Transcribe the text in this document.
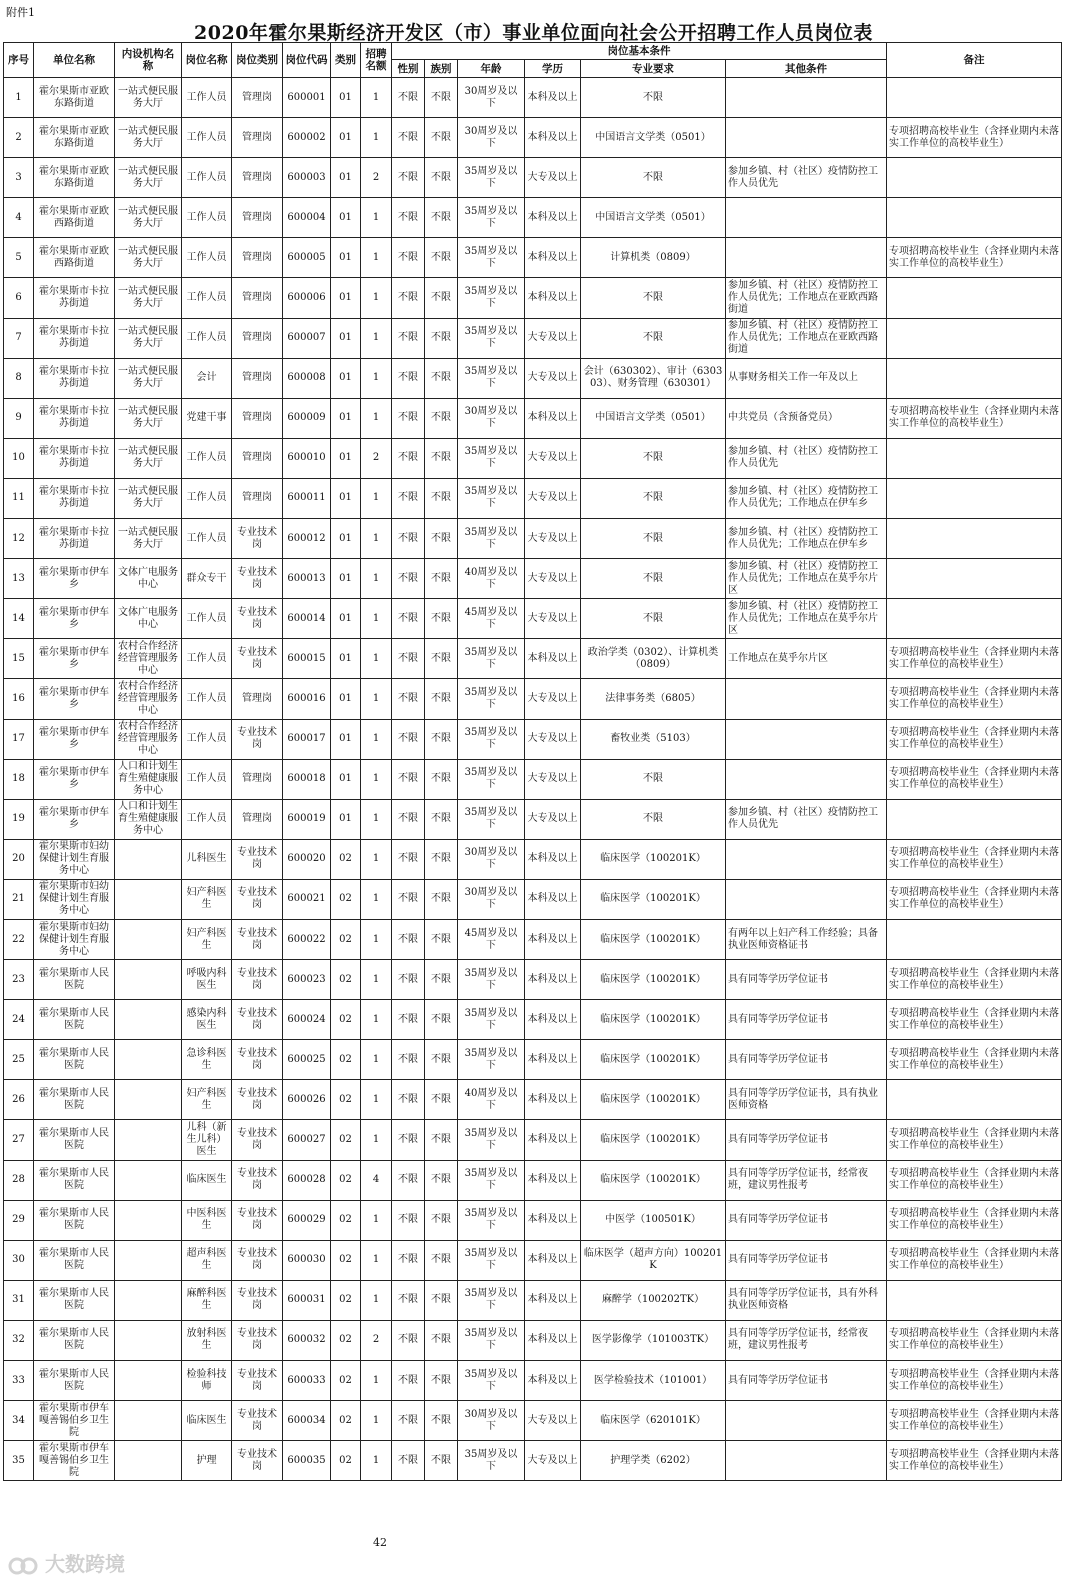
附件1
2020年霍尔果斯经济开发区（市）事业单位面向社会公开招聘工作人员岗位表
序号	单位名称	内设机构名称	岗位名称	岗位类别	岗位代码	类别	招聘名额	岗位基本条件						备注
								性别	族别	年龄	学历	专业要求	其他条件	
1	霍尔果斯市亚欧东路街道	一站式便民服务大厅	工作人员	管理岗	600001	01	1	不限	不限	30周岁及以下	本科及以上	不限		
2	霍尔果斯市亚欧东路街道	一站式便民服务大厅	工作人员	管理岗	600002	01	1	不限	不限	30周岁及以下	本科及以上	中国语言文学类（0501）		专项招聘高校毕业生（含择业期内未落实工作单位的高校毕业生）
3	霍尔果斯市亚欧东路街道	一站式便民服务大厅	工作人员	管理岗	600003	01	2	不限	不限	35周岁及以下	大专及以上	不限	参加乡镇、村（社区）疫情防控工作人员优先	
4	霍尔果斯市亚欧西路街道	一站式便民服务大厅	工作人员	管理岗	600004	01	1	不限	不限	35周岁及以下	本科及以上	中国语言文学类（0501）		
5	霍尔果斯市亚欧西路街道	一站式便民服务大厅	工作人员	管理岗	600005	01	1	不限	不限	35周岁及以下	本科及以上	计算机类（0809）		专项招聘高校毕业生（含择业期内未落实工作单位的高校毕业生）
6	霍尔果斯市卡拉苏街道	一站式便民服务大厅	工作人员	管理岗	600006	01	1	不限	不限	35周岁及以下	本科及以上	不限	参加乡镇、村（社区）疫情防控工作人员优先；工作地点在亚欧西路街道	
7	霍尔果斯市卡拉苏街道	一站式便民服务大厅	工作人员	管理岗	600007	01	1	不限	不限	35周岁及以下	大专及以上	不限	参加乡镇、村（社区）疫情防控工作人员优先；工作地点在亚欧西路街道	
8	霍尔果斯市卡拉苏街道	一站式便民服务大厅	会计	管理岗	600008	01	1	不限	不限	35周岁及以下	大专及以上	会计（630302）、审计（630303）、财务管理（630301）	从事财务相关工作一年及以上	
9	霍尔果斯市卡拉苏街道	一站式便民服务大厅	党建干事	管理岗	600009	01	1	不限	不限	30周岁及以下	本科及以上	中国语言文学类（0501）	中共党员（含预备党员）	专项招聘高校毕业生（含择业期内未落实工作单位的高校毕业生）
10	霍尔果斯市卡拉苏街道	一站式便民服务大厅	工作人员	管理岗	600010	01	2	不限	不限	35周岁及以下	大专及以上	不限	参加乡镇、村（社区）疫情防控工作人员优先	
11	霍尔果斯市卡拉苏街道	一站式便民服务大厅	工作人员	管理岗	600011	01	1	不限	不限	35周岁及以下	大专及以上	不限	参加乡镇、村（社区）疫情防控工作人员优先；工作地点在伊车乡	
12	霍尔果斯市卡拉苏街道	一站式便民服务大厅	工作人员	专业技术岗	600012	01	1	不限	不限	35周岁及以下	大专及以上	不限	参加乡镇、村（社区）疫情防控工作人员优先；工作地点在伊车乡	
13	霍尔果斯市伊车乡	文体广电服务中心	群众专干	专业技术岗	600013	01	1	不限	不限	40周岁及以下	大专及以上	不限	参加乡镇、村（社区）疫情防控工作人员优先；工作地点在莫乎尔片区	
14	霍尔果斯市伊车乡	文体广电服务中心	工作人员	专业技术岗	600014	01	1	不限	不限	45周岁及以下	大专及以上	不限	参加乡镇、村（社区）疫情防控工作人员优先；工作地点在莫乎尔片区	
15	霍尔果斯市伊车乡	农村合作经济经营管理服务中心	工作人员	专业技术岗	600015	01	1	不限	不限	35周岁及以下	本科及以上	政治学类（0302）、计算机类（0809）	工作地点在莫乎尔片区	专项招聘高校毕业生（含择业期内未落实工作单位的高校毕业生）
16	霍尔果斯市伊车乡	农村合作经济经营管理服务中心	工作人员	管理岗	600016	01	1	不限	不限	35周岁及以下	大专及以上	法律事务类（6805）		专项招聘高校毕业生（含择业期内未落实工作单位的高校毕业生）
17	霍尔果斯市伊车乡	农村合作经济经营管理服务中心	工作人员	专业技术岗	600017	01	1	不限	不限	35周岁及以下	大专及以上	畜牧业类（5103）		专项招聘高校毕业生（含择业期内未落实工作单位的高校毕业生）
18	霍尔果斯市伊车乡	人口和计划生育生殖健康服务中心	工作人员	管理岗	600018	01	1	不限	不限	35周岁及以下	大专及以上	不限		专项招聘高校毕业生（含择业期内未落实工作单位的高校毕业生）
19	霍尔果斯市伊车乡	人口和计划生育生殖健康服务中心	工作人员	管理岗	600019	01	1	不限	不限	35周岁及以下	大专及以上	不限	参加乡镇、村（社区）疫情防控工作人员优先	
20	霍尔果斯市妇幼保健计划生育服务中心		儿科医生	专业技术岗	600020	02	1	不限	不限	30周岁及以下	本科及以上	临床医学（100201K）		专项招聘高校毕业生（含择业期内未落实工作单位的高校毕业生）
21	霍尔果斯市妇幼保健计划生育服务中心		妇产科医生	专业技术岗	600021	02	1	不限	不限	30周岁及以下	本科及以上	临床医学（100201K）		专项招聘高校毕业生（含择业期内未落实工作单位的高校毕业生）
22	霍尔果斯市妇幼保健计划生育服务中心		妇产科医生	专业技术岗	600022	02	1	不限	不限	45周岁及以下	本科及以上	临床医学（100201K）	有两年以上妇产科工作经验；具备执业医师资格证书	
23	霍尔果斯市人民医院		呼吸内科医生	专业技术岗	600023	02	1	不限	不限	35周岁及以下	本科及以上	临床医学（100201K）	具有同等学历学位证书	专项招聘高校毕业生（含择业期内未落实工作单位的高校毕业生）
24	霍尔果斯市人民医院		感染内科医生	专业技术岗	600024	02	1	不限	不限	35周岁及以下	本科及以上	临床医学（100201K）	具有同等学历学位证书	专项招聘高校毕业生（含择业期内未落实工作单位的高校毕业生）
25	霍尔果斯市人民医院		急诊科医生	专业技术岗	600025	02	1	不限	不限	35周岁及以下	本科及以上	临床医学（100201K）	具有同等学历学位证书	专项招聘高校毕业生（含择业期内未落实工作单位的高校毕业生）
26	霍尔果斯市人民医院		妇产科医生	专业技术岗	600026	02	1	不限	不限	40周岁及以下	本科及以上	临床医学（100201K）	具有同等学历学位证书，具有执业医师资格	
27	霍尔果斯市人民医院		儿科（新生儿科）医生	专业技术岗	600027	02	1	不限	不限	35周岁及以下	本科及以上	临床医学（100201K）	具有同等学历学位证书	专项招聘高校毕业生（含择业期内未落实工作单位的高校毕业生）
28	霍尔果斯市人民医院		临床医生	专业技术岗	600028	02	4	不限	不限	35周岁及以下	本科及以上	临床医学（100201K）	具有同等学历学位证书，经常夜班，建议男性报考	专项招聘高校毕业生（含择业期内未落实工作单位的高校毕业生）
29	霍尔果斯市人民医院		中医科医生	专业技术岗	600029	02	1	不限	不限	35周岁及以下	本科及以上	中医学（100501K）	具有同等学历学位证书	专项招聘高校毕业生（含择业期内未落实工作单位的高校毕业生）
30	霍尔果斯市人民医院		超声科医生	专业技术岗	600030	02	1	不限	不限	35周岁及以下	本科及以上	临床医学（超声方向）100201K	具有同等学历学位证书	专项招聘高校毕业生（含择业期内未落实工作单位的高校毕业生）
31	霍尔果斯市人民医院		麻醉科医生	专业技术岗	600031	02	1	不限	不限	35周岁及以下	本科及以上	麻醉学（100202TK）	具有同等学历学位证书，具有外科执业医师资格	
32	霍尔果斯市人民医院		放射科医生	专业技术岗	600032	02	2	不限	不限	35周岁及以下	本科及以上	医学影像学（101003TK）	具有同等学历学位证书，经常夜班，建议男性报考	专项招聘高校毕业生（含择业期内未落实工作单位的高校毕业生）
33	霍尔果斯市人民医院		检验科技师	专业技术岗	600033	02	1	不限	不限	35周岁及以下	本科及以上	医学检验技术（101001）	具有同等学历学位证书	专项招聘高校毕业生（含择业期内未落实工作单位的高校毕业生）
34	霍尔果斯市伊车嘎善锡伯乡卫生院		临床医生	专业技术岗	600034	02	1	不限	不限	30周岁及以下	大专及以上	临床医学（620101K）		专项招聘高校毕业生（含择业期内未落实工作单位的高校毕业生）
35	霍尔果斯市伊车嘎善锡伯乡卫生院		护理	专业技术岗	600035	02	1	不限	不限	35周岁及以下	大专及以上	护理学类（6202）		专项招聘高校毕业生（含择业期内未落实工作单位的高校毕业生）
42
大数跨境
